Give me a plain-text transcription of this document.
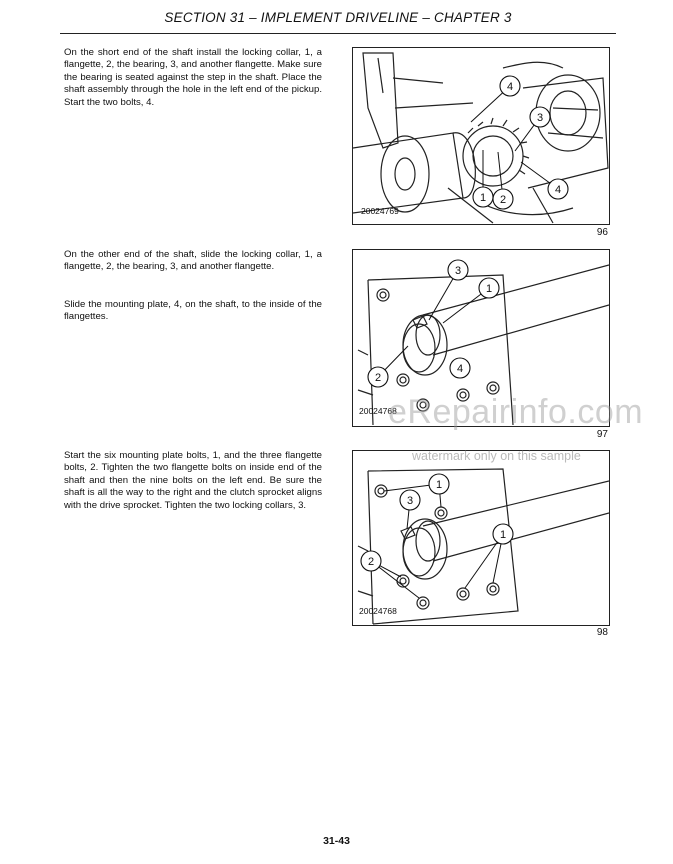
SECTION 31 – IMPLEMENT DRIVELINE – CHAPTER 3

On the short end of the shaft install the locking collar, 1, a flangette, 2, the bearing, 3, and another flangette. Make sure the bearing is seated against the step in the shaft. Place the shaft assembly through the hole in the left end of the pickup. Start the two bolts, 4.

4
3
4
1 2
20024769
96

On the other end of the shaft, slide the locking collar, 1, a flangette, 2, the bearing, 3, and another flangette.

Slide the mounting plate, 4, on the shaft, to the inside of the flangettes.

3
1
2
4
20024768
97

Start the six mounting plate bolts, 1, and the three flangette bolts, 2. Tighten the two flangette bolts on inside end of the shaft and then the nine bolts on the left end. Be sure the shaft is all the way to the right and the clutch sprocket aligns with the drive sprocket. Tighten the two locking collars, 3.	3
1
1
2
20024768
98
eRepairinfo.com
watermark only on this sample
31-43
